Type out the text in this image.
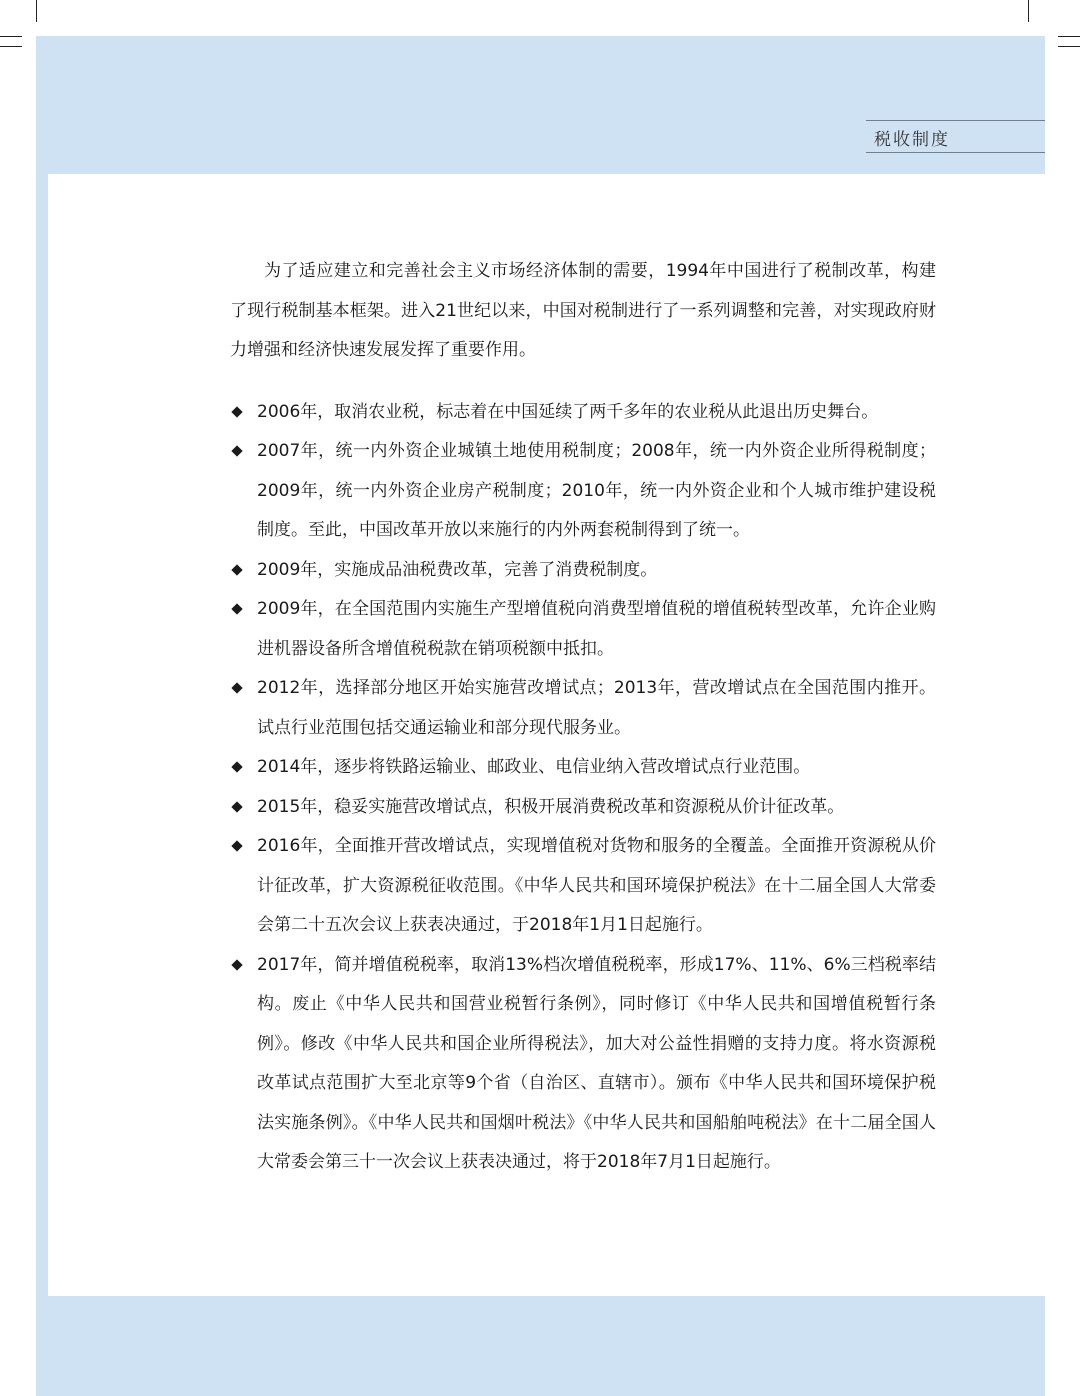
税收制度

为了适应建立和完善社会主义市场经济体制的需要，1994年中国进行了税制改革，构建了现行税制基本框架。进入21世纪以来，中国对税制进行了一系列调整和完善，对实现政府财力增强和经济快速发展发挥了重要作用。

2006年，取消农业税，标志着在中国延续了两千多年的农业税从此退出历史舞台。
2007年，统一内外资企业城镇土地使用税制度；2008年，统一内外资企业所得税制度；2009年，统一内外资企业房产税制度；2010年，统一内外资企业和个人城市维护建设税制度。至此，中国改革开放以来施行的内外两套税制得到了统一。
2009年，实施成品油税费改革，完善了消费税制度。
2009年，在全国范围内实施生产型增值税向消费型增值税的增值税转型改革，允许企业购进机器设备所含增值税税款在销项税额中抵扣。
2012年，选择部分地区开始实施营改增试点；2013年，营改增试点在全国范围内推开。试点行业范围包括交通运输业和部分现代服务业。
2014年，逐步将铁路运输业、邮政业、电信业纳入营改增试点行业范围。
2015年，稳妥实施营改增试点，积极开展消费税改革和资源税从价计征改革。
2016年，全面推开营改增试点，实现增值税对货物和服务的全覆盖。全面推开资源税从价计征改革，扩大资源税征收范围。《中华人民共和国环境保护税法》在十二届全国人大常委会第二十五次会议上获表决通过，于2018年1月1日起施行。
2017年，简并增值税税率，取消13%档次增值税税率，形成17%、11%、6%三档税率结构。废止《中华人民共和国营业税暂行条例》，同时修订《中华人民共和国增值税暂行条例》。修改《中华人民共和国企业所得税法》，加大对公益性捐赠的支持力度。将水资源税改革试点范围扩大至北京等9个省（自治区、直辖市）。颁布《中华人民共和国环境保护税法实施条例》。《中华人民共和国烟叶税法》《中华人民共和国船舶吨税法》在十二届全国人大常委会第三十一次会议上获表决通过，将于2018年7月1日起施行。
